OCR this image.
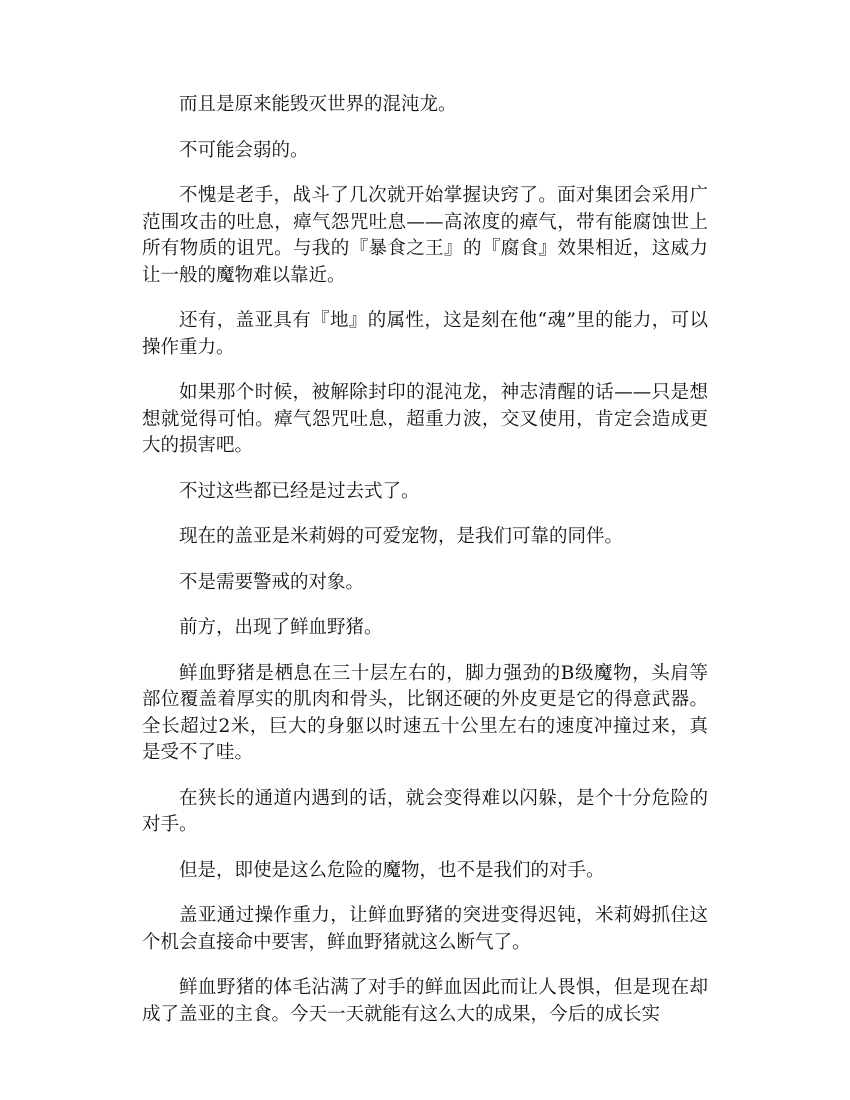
而且是原来能毁灭世界的混沌龙。

不可能会弱的。

不愧是老手，战斗了几次就开始掌握诀窍了。面对集团会采用广范围攻击的吐息，瘴气怨咒吐息——高浓度的瘴气，带有能腐蚀世上所有物质的诅咒。与我的『暴食之王』的『腐食』效果相近，这威力让一般的魔物难以靠近。

还有，盖亚具有『地』的属性，这是刻在他“魂”里的能力，可以操作重力。

如果那个时候，被解除封印的混沌龙，神志清醒的话——只是想想就觉得可怕。瘴气怨咒吐息，超重力波，交叉使用，肯定会造成更大的损害吧。

不过这些都已经是过去式了。

现在的盖亚是米莉姆的可爱宠物，是我们可靠的同伴。

不是需要警戒的对象。

前方，出现了鲜血野猪。

鲜血野猪是栖息在三十层左右的，脚力强劲的B级魔物，头肩等部位覆盖着厚实的肌肉和骨头，比钢还硬的外皮更是它的得意武器。全长超过2米，巨大的身躯以时速五十公里左右的速度冲撞过来，真是受不了哇。

在狭长的通道内遇到的话，就会变得难以闪躲，是个十分危险的对手。

但是，即使是这么危险的魔物，也不是我们的对手。

盖亚通过操作重力，让鲜血野猪的突进变得迟钝，米莉姆抓住这个机会直接命中要害，鲜血野猪就这么断气了。

鲜血野猪的体毛沾满了对手的鲜血因此而让人畏惧，但是现在却成了盖亚的主食。今天一天就能有这么大的成果，今后的成长实
